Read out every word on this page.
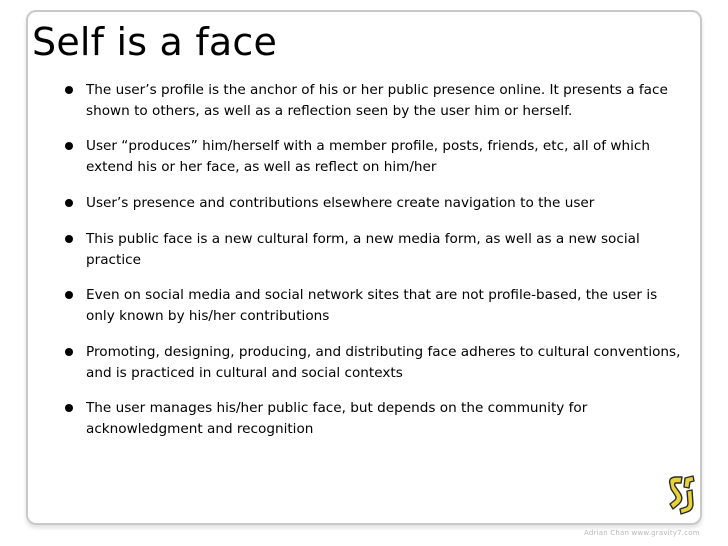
Self is a face
The user’s profile is the anchor of his or her public presence online. It presents a face shown to others, as well as a reflection seen by the user him or herself.
User “produces” him/herself with a member profile, posts, friends, etc, all of which extend his or her face, as well as reflect on him/her
User’s presence and contributions elsewhere create navigation to the user
This public face is a new cultural form, a new media form, as well as a new social practice
Even on social media and social network sites that are not profile-based, the user is only known by his/her contributions
Promoting, designing, producing, and distributing face adheres to cultural conventions, and is practiced in cultural and social contexts
The user manages his/her public face, but depends on the community for acknowledgment and recognition
Adrian Chan www.gravity7.com
